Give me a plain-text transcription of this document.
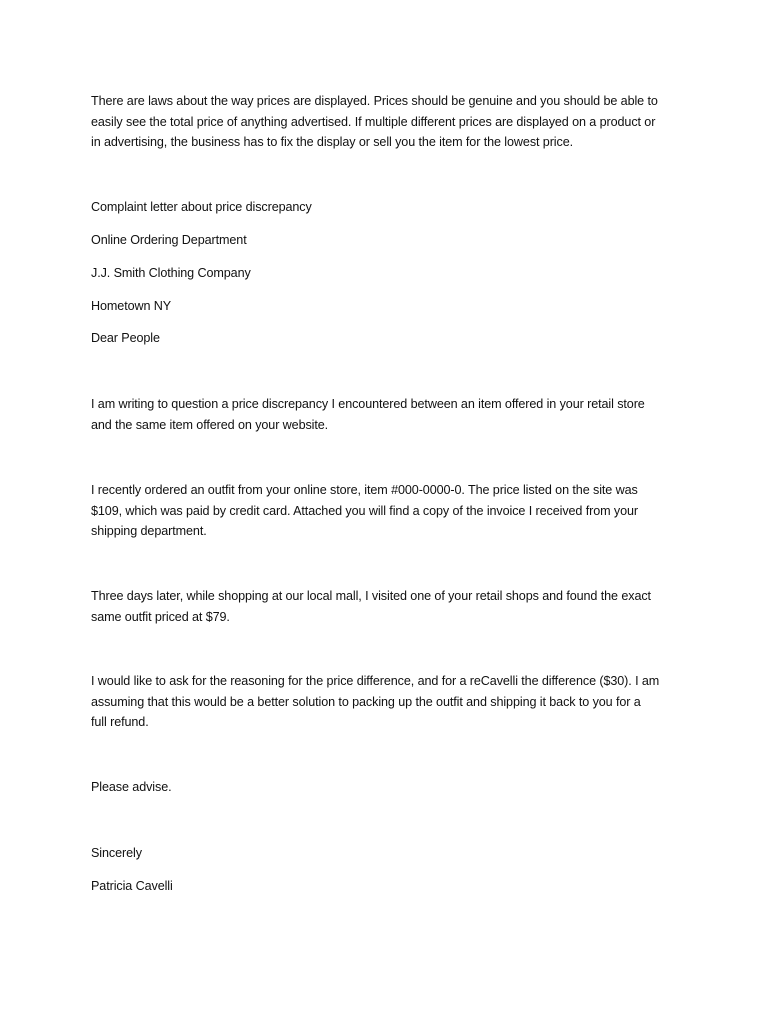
There are laws about the way prices are displayed. Prices should be genuine and you should be able to
easily see the total price of anything advertised. If multiple different prices are displayed on a product or
in advertising, the business has to fix the display or sell you the item for the lowest price.
Complaint letter about price discrepancy
Online Ordering Department
J.J. Smith Clothing Company
Hometown NY
Dear People
I am writing to question a price discrepancy I encountered between an item offered in your retail store
and the same item offered on your website.
I recently ordered an outfit from your online store, item #000-0000-0. The price listed on the site was
$109, which was paid by credit card. Attached you will find a copy of the invoice I received from your
shipping department.
Three days later, while shopping at our local mall, I visited one of your retail shops and found the exact
same outfit priced at $79.
I would like to ask for the reasoning for the price difference, and for a reCavelli the difference ($30). I am
assuming that this would be a better solution to packing up the outfit and shipping it back to you for a
full refund.
Please advise.
Sincerely
Patricia Cavelli
